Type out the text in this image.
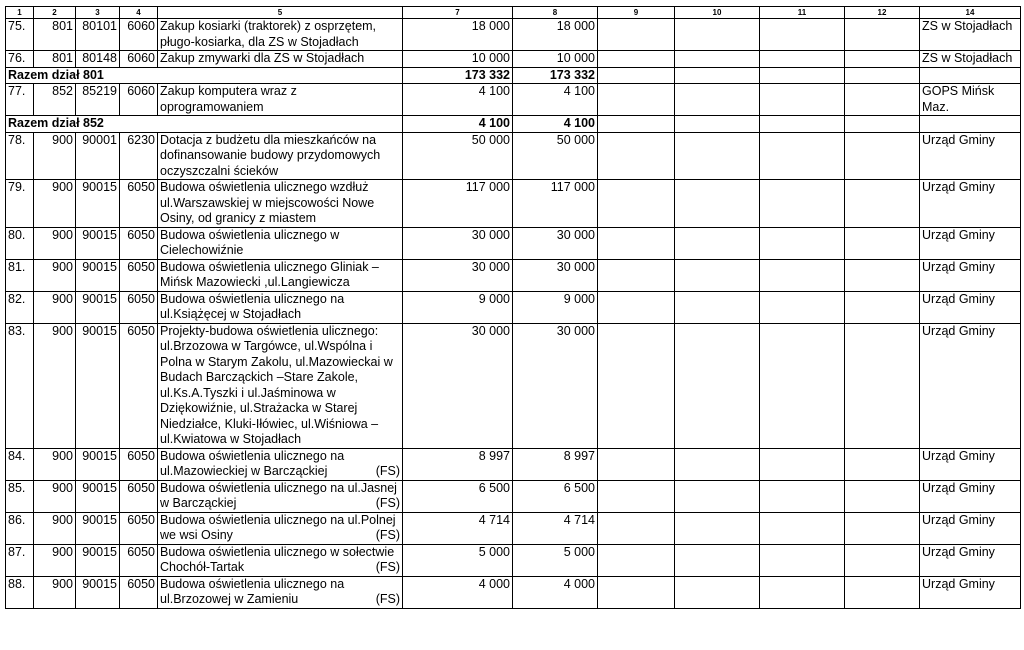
1	2	3	4	5	7	8	9	10	11	12	14
75.	801	80101	6060	Zakup kosiarki (traktorek) z osprzętem, pługo-kosiarka, dla ZS w Stojadłach	18 000	18 000					ZS w Stojadłach
76.	801	80148	6060	Zakup zmywarki dla ZS w Stojadłach	10 000	10 000					ZS w Stojadłach
Razem dział 801					173 332	173 332					
77.	852	85219	6060	Zakup komputera wraz z oprogramowaniem	4 100	4 100					GOPS Mińsk Maz.
Razem dział 852					4 100	4 100					
78.	900	90001	6230	Dotacja z budżetu dla mieszkańców na dofinansowanie budowy przydomowych oczyszczalni ścieków	50 000	50 000					Urząd Gminy
79.	900	90015	6050	Budowa oświetlenia ulicznego wzdłuż ul.Warszawskiej w miejscowości Nowe Osiny, od granicy z miastem	117 000	117 000					Urząd Gminy
80.	900	90015	6050	Budowa oświetlenia ulicznego w Cielechowiźnie	30 000	30 000					Urząd Gminy
81.	900	90015	6050	Budowa oświetlenia ulicznego Gliniak – Mińsk Mazowiecki ,ul.Langiewicza	30 000	30 000					Urząd Gminy
82.	900	90015	6050	Budowa oświetlenia ulicznego na ul.Książęcej w Stojadłach	9 000	9 000					Urząd Gminy
83.	900	90015	6050	Projekty-budowa oświetlenia ulicznego: ul.Brzozowa w Targówce, ul.Wspólna i Polna w Starym Zakolu, ul.Mazowieckai w Budach Barcząckich –Stare Zakole, ul.Ks.A.Tyszki i ul.Jaśminowa w Dziękowiźnie, ul.Strażacka w Starej Niedziałce, Kluki-Iłówiec, ul.Wiśniowa – ul.Kwiatowa w Stojadłach	30 000	30 000					Urząd Gminy
84.	900	90015	6050	Budowa oświetlenia ulicznego na ul.Mazowieckiej w Barcząckiej (FS)	8 997	8 997					Urząd Gminy
85.	900	90015	6050	Budowa oświetlenia ulicznego na ul.Jasnej w Barcząckiej (FS)	6 500	6 500					Urząd Gminy
86.	900	90015	6050	Budowa oświetlenia ulicznego na ul.Polnej we wsi Osiny (FS)	4 714	4 714					Urząd Gminy
87.	900	90015	6050	Budowa oświetlenia ulicznego w sołectwie Chochół-Tartak (FS)	5 000	5 000					Urząd Gminy
88.	900	90015	6050	Budowa oświetlenia ulicznego na ul.Brzozowej w Zamieniu (FS)	4 000	4 000					Urząd Gminy
